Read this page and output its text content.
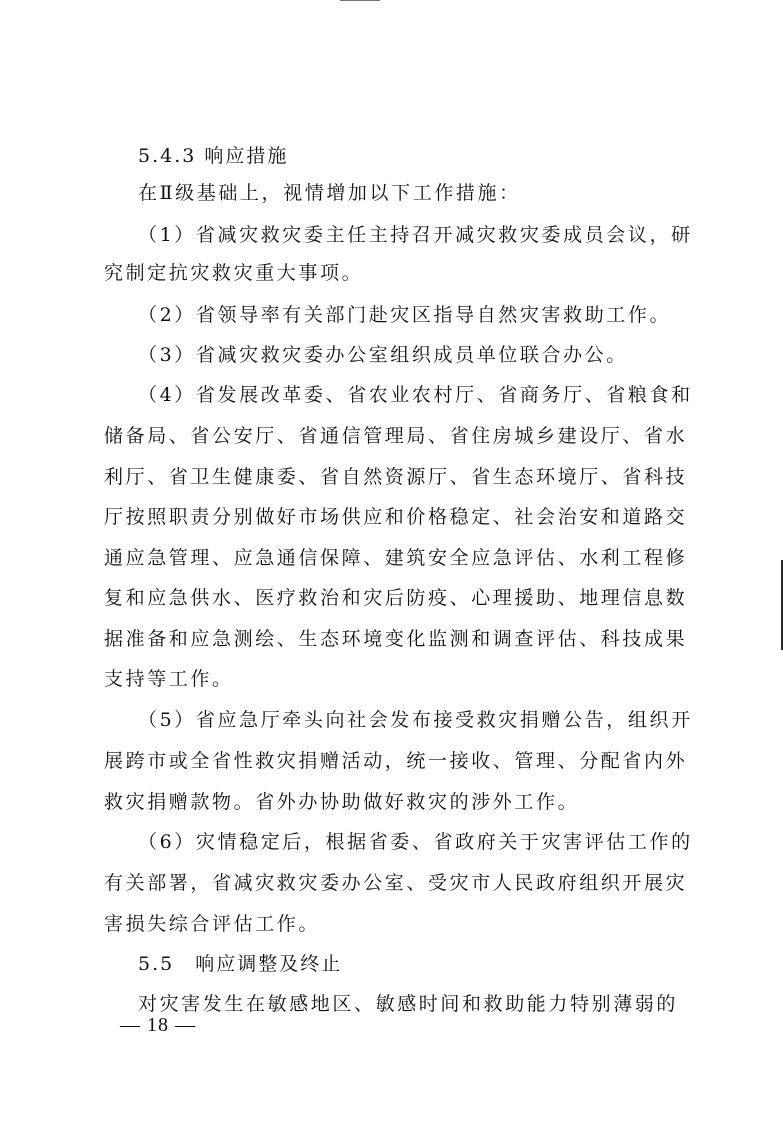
5.4.3 响应措施
在Ⅱ级基础上，视情增加以下工作措施：
（1）省减灾救灾委主任主持召开减灾救灾委成员会议，研
究制定抗灾救灾重大事项。
（2）省领导率有关部门赴灾区指导自然灾害救助工作。
（3）省减灾救灾委办公室组织成员单位联合办公。
（4）省发展改革委、省农业农村厅、省商务厅、省粮食和
储备局、省公安厅、省通信管理局、省住房城乡建设厅、省水
利厅、省卫生健康委、省自然资源厅、省生态环境厅、省科技
厅按照职责分别做好市场供应和价格稳定、社会治安和道路交
通应急管理、应急通信保障、建筑安全应急评估、水利工程修
复和应急供水、医疗救治和灾后防疫、心理援助、地理信息数
据准备和应急测绘、生态环境变化监测和调查评估、科技成果
支持等工作。
（5）省应急厅牵头向社会发布接受救灾捐赠公告，组织开
展跨市或全省性救灾捐赠活动，统一接收、管理、分配省内外
救灾捐赠款物。省外办协助做好救灾的涉外工作。
（6）灾情稳定后，根据省委、省政府关于灾害评估工作的
有关部署，省减灾救灾委办公室、受灾市人民政府组织开展灾
害损失综合评估工作。
5.5　响应调整及终止
对灾害发生在敏感地区、敏感时间和救助能力特别薄弱的
— 18 —
